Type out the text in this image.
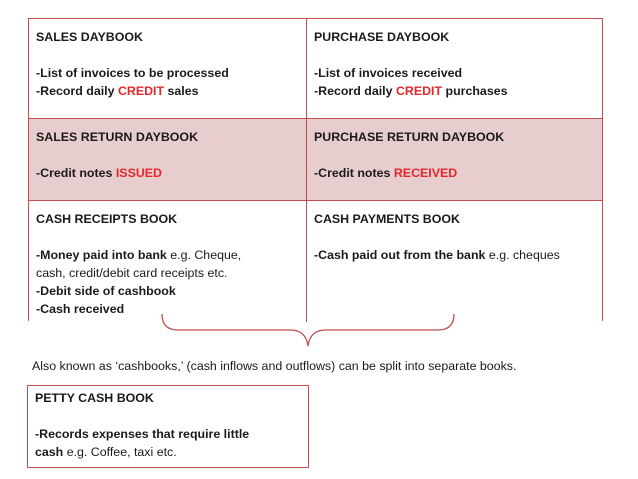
SALES DAYBOOK
-List of invoices to be processed
-Record daily CREDIT sales
PURCHASE DAYBOOK
-List of invoices received
-Record daily CREDIT purchases
SALES RETURN DAYBOOK
-Credit notes ISSUED
PURCHASE RETURN DAYBOOK
-Credit notes RECEIVED
CASH RECEIPTS BOOK
-Money paid into bank e.g. Cheque,
cash, credit/debit card receipts etc.
-Debit side of cashbook
-Cash received
CASH PAYMENTS BOOK
-Cash paid out from the bank e.g. cheques
Also known as ‘cashbooks,’ (cash inflows and outflows) can be split into separate books.
PETTY CASH BOOK
-Records expenses that require little
cash e.g. Coffee, taxi etc.
